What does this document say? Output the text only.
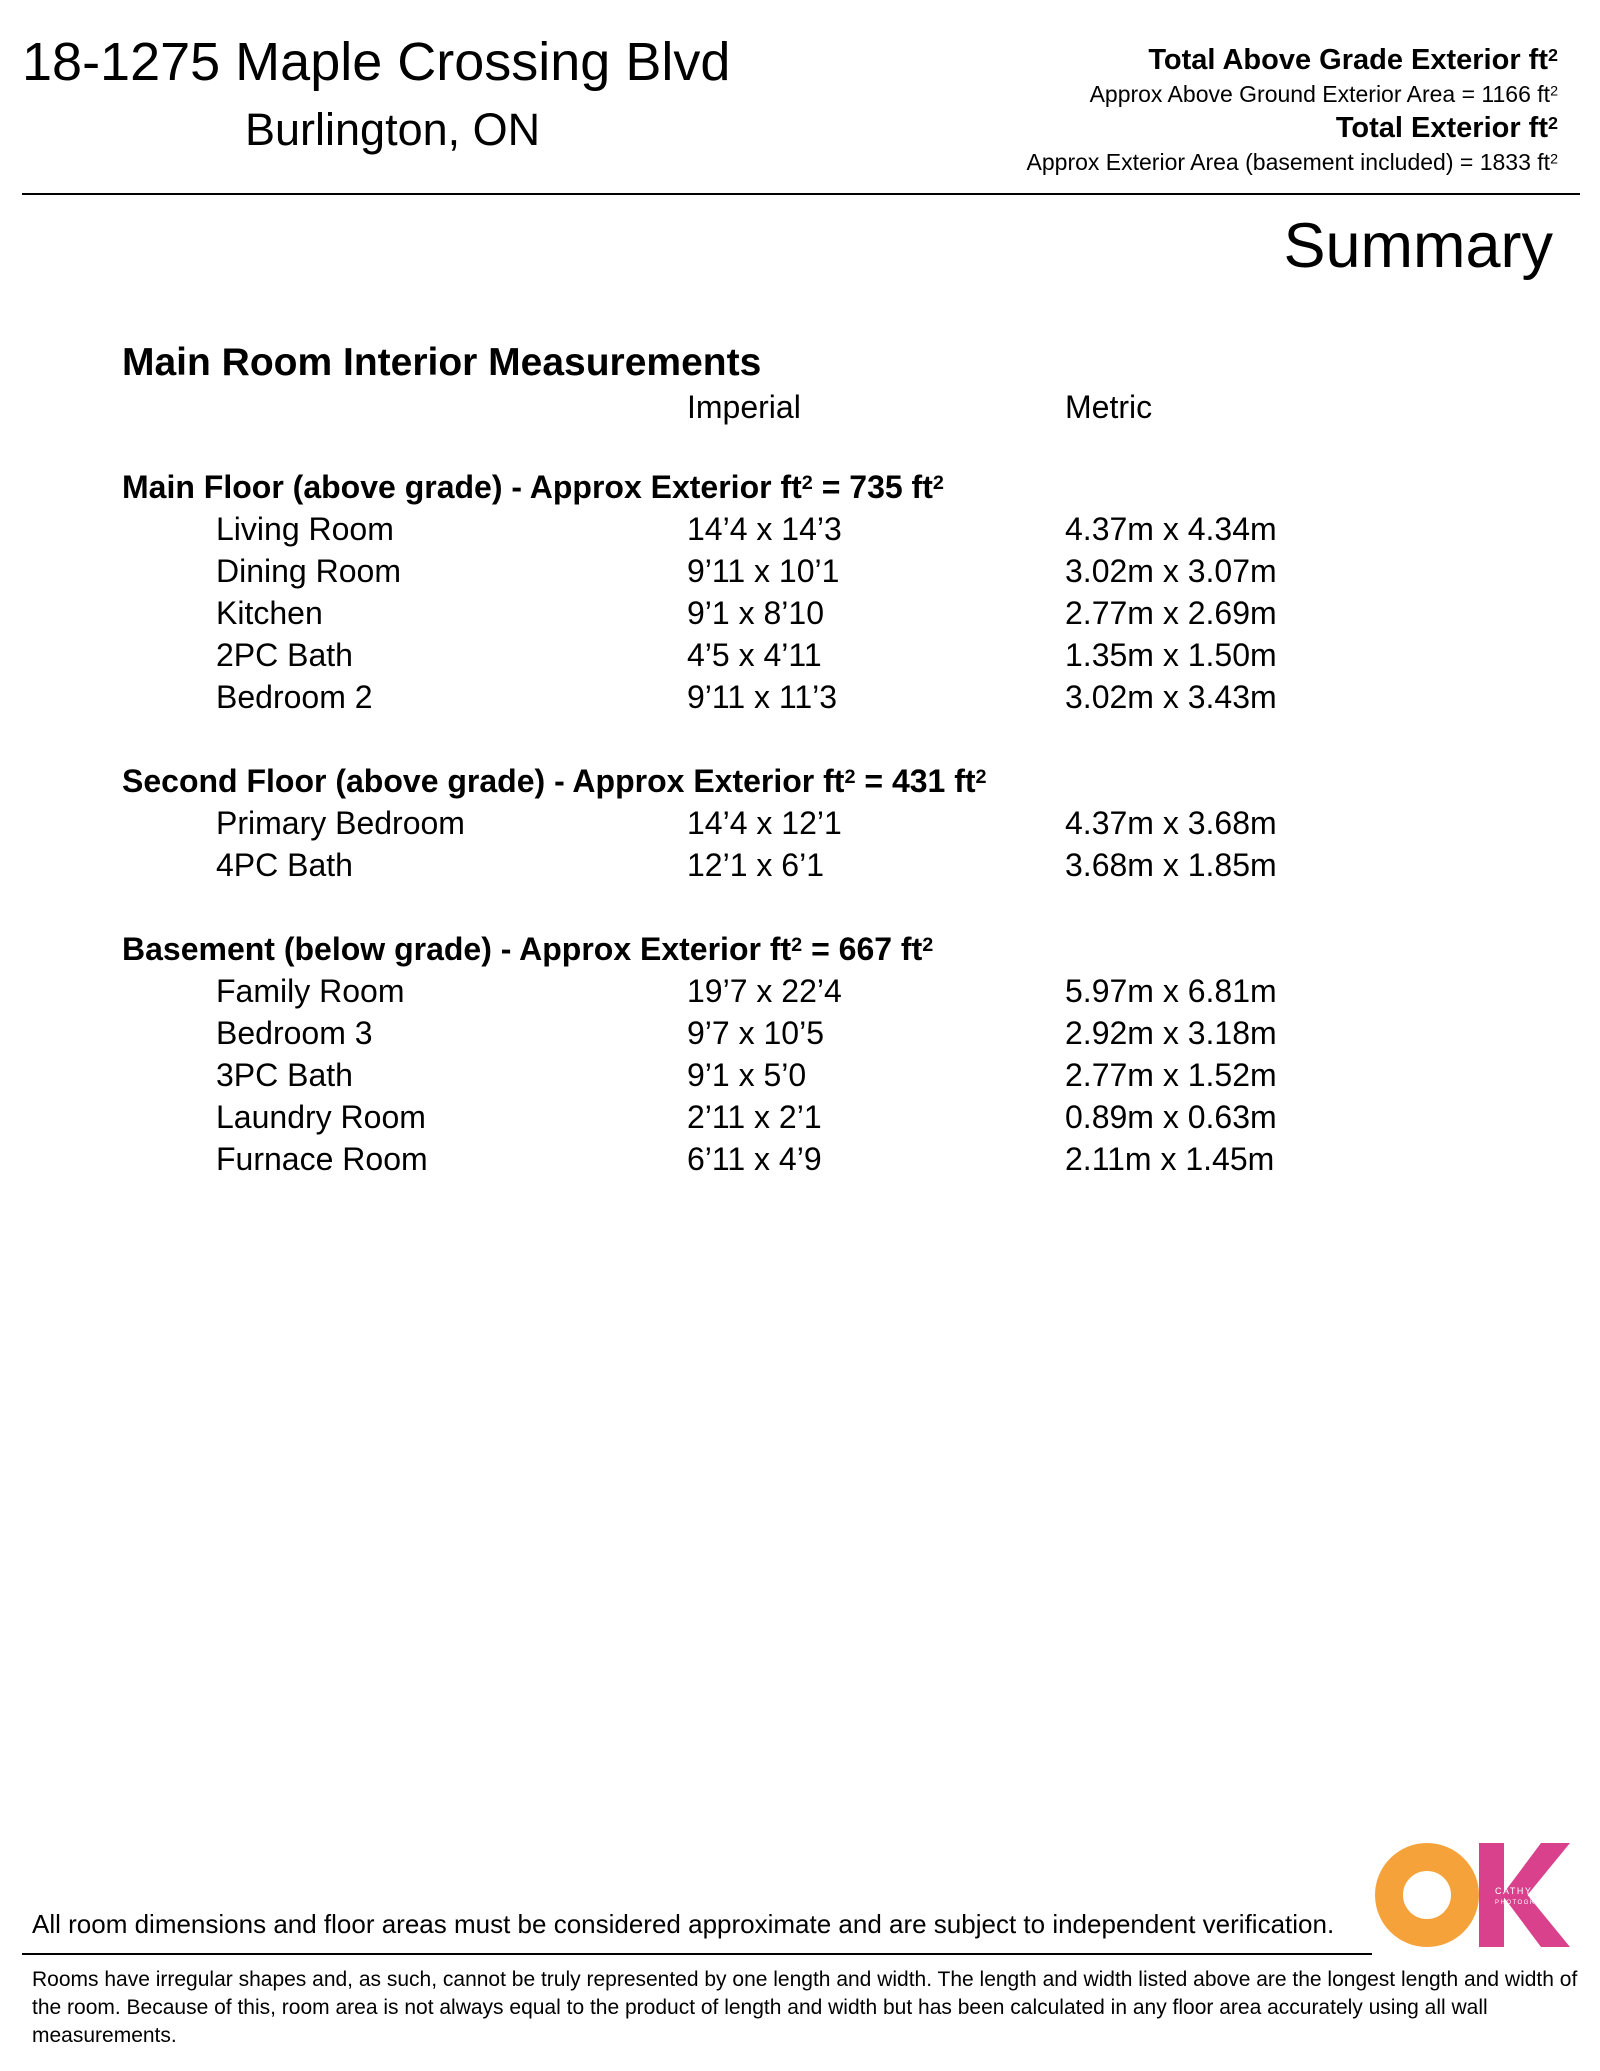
18-1275 Maple Crossing Blvd
Burlington, ON
Total Above Grade Exterior $ft^2$
Approx Above Ground Exterior Area = 1166 $ft^2$
Total Exterior $ft^2$
Approx Exterior Area (basement included) = 1833 $ft^2$
Summary
Main Room Interior Measurements
Imperial	Metric
Main Floor (above grade) - Approx Exterior $ft^2 = 735$ $ft^2$
Living Room	14’4 x 14’3	4.37m x 4.34m
Dining Room	9’11 x 10’1	3.02m x 3.07m
Kitchen	9’1 x 8’10	2.77m x 2.69m
2PC Bath	4’5 x 4’11	1.35m x 1.50m
Bedroom 2	9’11 x 11’3	3.02m x 3.43m
Second Floor (above grade) - Approx Exterior $ft^2 = 431$ $ft^2$
Primary Bedroom	14’4 x 12’1	4.37m x 3.68m
4PC Bath	12’1 x 6’1	3.68m x 1.85m
Basement (below grade) - Approx Exterior $ft^2 = 667$ $ft^2$
Family Room	19’7 x 22’4	5.97m x 6.81m
Bedroom 3	9’7 x 10’5	2.92m x 3.18m
3PC Bath	9’1 x 5’0	2.77m x 1.52m
Laundry Room	2’11 x 2’1	0.89m x 0.63m
Furnace Room	6’11 x 4’9	2.11m x 1.45m
All room dimensions and floor areas must be considered approximate and are subject to independent verification.
Rooms have irregular shapes and, as such, cannot be truly represented by one length and width. The length and width listed above are the longest length and width of the room. Because of this, room area is not always equal to the product of length and width but has been calculated in any floor area accurately using all wall measurements.
CATHY KOOP
PHOTOGRAPHY
